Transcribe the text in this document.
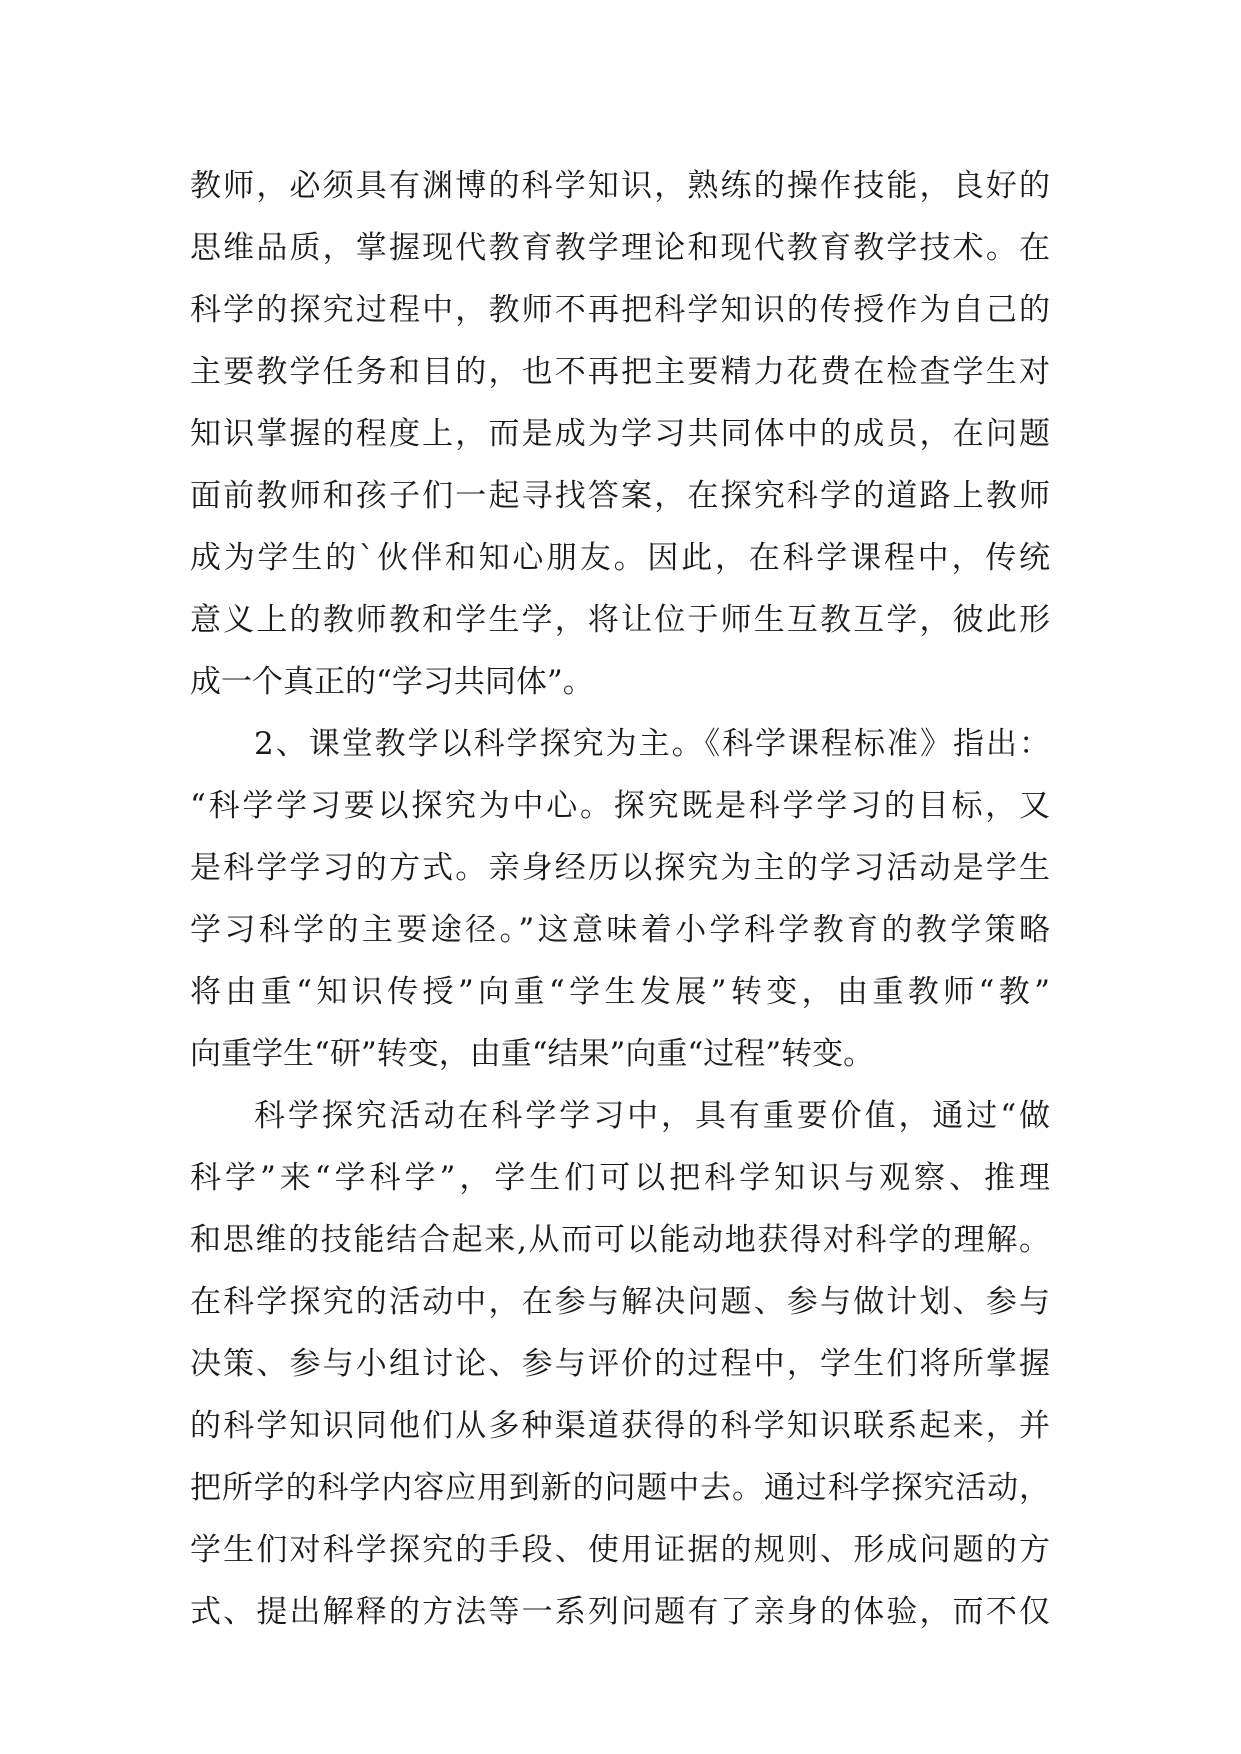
教师，必须具有渊博的科学知识，熟练的操作技能，良好的
思维品质，掌握现代教育教学理论和现代教育教学技术。在
科学的探究过程中，教师不再把科学知识的传授作为自己的
主要教学任务和目的，也不再把主要精力花费在检查学生对
知识掌握的程度上，而是成为学习共同体中的成员，在问题
面前教师和孩子们一起寻找答案，在探究科学的道路上教师
成为学生的`伙伴和知心朋友。因此，在科学课程中，传统
意义上的教师教和学生学，将让位于师生互教互学，彼此形
成一个真正的“学习共同体”。
2、课堂教学以科学探究为主。《科学课程标准》指出：
“科学学习要以探究为中心。探究既是科学学习的目标，又
是科学学习的方式。亲身经历以探究为主的学习活动是学生
学习科学的主要途径。”这意味着小学科学教育的教学策略
将由重“知识传授”向重“学生发展”转变，由重教师“教”
向重学生“研”转变，由重“结果”向重“过程”转变。
科学探究活动在科学学习中，具有重要价值，通过“做
科学”来“学科学”，学生们可以把科学知识与观察、推理
和思维的技能结合起来,从而可以能动地获得对科学的理解。
在科学探究的活动中，在参与解决问题、参与做计划、参与
决策、参与小组讨论、参与评价的过程中，学生们将所掌握
的科学知识同他们从多种渠道获得的科学知识联系起来，并
把所学的科学内容应用到新的问题中去。通过科学探究活动，
学生们对科学探究的手段、使用证据的规则、形成问题的方
式、提出解释的方法等一系列问题有了亲身的体验，而不仅
